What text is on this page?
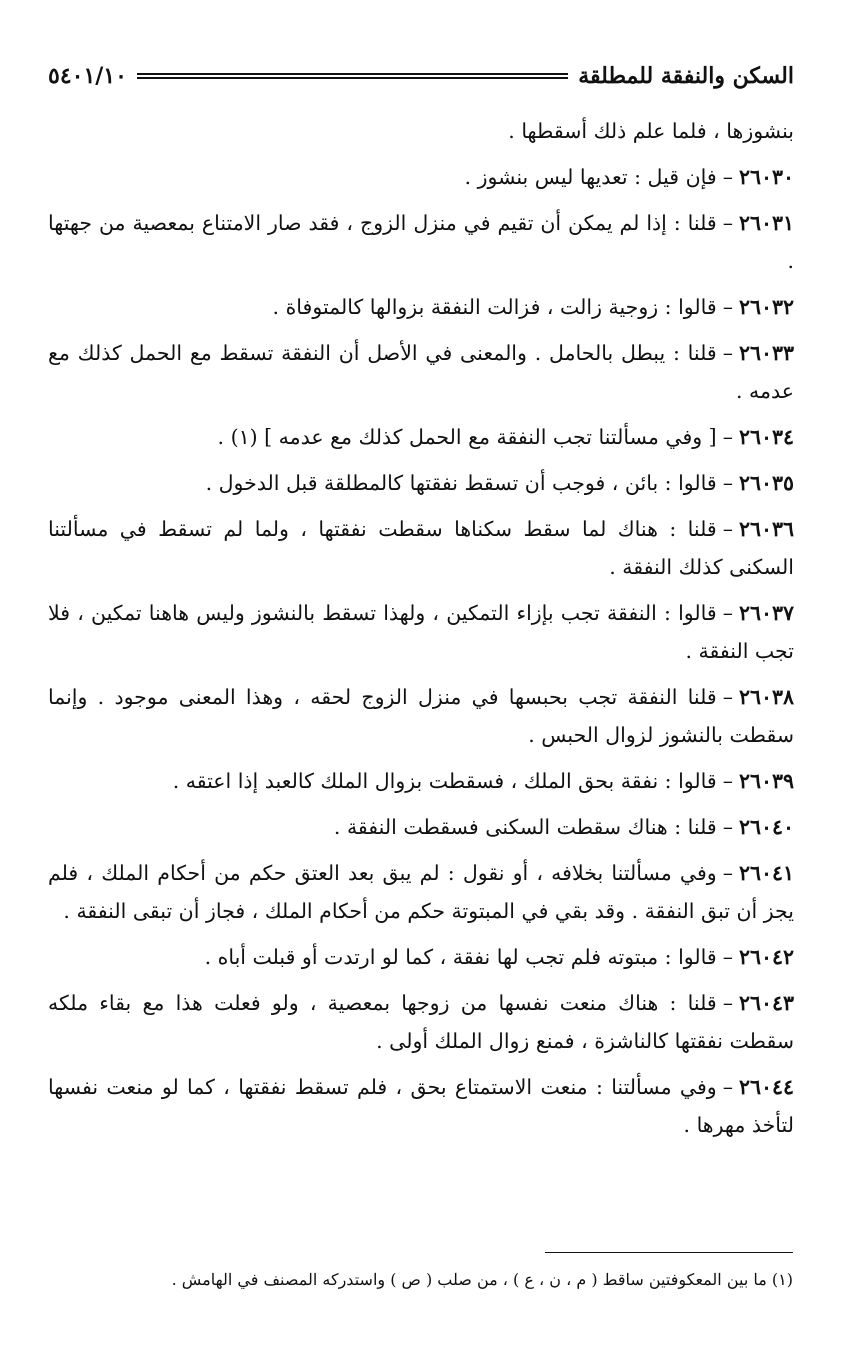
السكن والنفقة للمطلقة
٥٤٠١/١٠

بنشوزها ، فلما علم ذلك أسقطها .

٢٦٠٣٠–فإن قيل : تعديها ليس بنشوز .

٢٦٠٣١–قلنا : إذا لم يمكن أن تقيم في منزل الزوج ، فقد صار الامتناع بمعصية من جهتها .

٢٦٠٣٢–قالوا : زوجية زالت ، فزالت النفقة بزوالها كالمتوفاة .

٢٦٠٣٣–قلنا : يبطل بالحامل . والمعنى في الأصل أن النفقة تسقط مع الحمل كذلك مع عدمه .

٢٦٠٣٤–[ وفي مسألتنا تجب النفقة مع الحمل كذلك مع عدمه ] (١) .

٢٦٠٣٥–قالوا : بائن ، فوجب أن تسقط نفقتها كالمطلقة قبل الدخول .

٢٦٠٣٦–قلنا : هناك لما سقط سكناها سقطت نفقتها ، ولما لم تسقط في مسألتنا السكنى كذلك النفقة .

٢٦٠٣٧–قالوا : النفقة تجب بإزاء التمكين ، ولهذا تسقط بالنشوز وليس هاهنا تمكين ، فلا تجب النفقة .

٢٦٠٣٨–قلنا النفقة تجب بحبسها في منزل الزوج لحقه ، وهذا المعنى موجود . وإنما سقطت بالنشوز لزوال الحبس .

٢٦٠٣٩–قالوا : نفقة بحق الملك ، فسقطت بزوال الملك كالعبد إذا اعتقه .

٢٦٠٤٠–قلنا : هناك سقطت السكنى فسقطت النفقة .

٢٦٠٤١–وفي مسألتنا بخلافه ، أو نقول : لم يبق بعد العتق حكم من أحكام الملك ، فلم يجز أن تبق النفقة . وقد بقي في المبتوتة حكم من أحكام الملك ، فجاز أن تبقى النفقة .

٢٦٠٤٢–قالوا : مبتوته فلم تجب لها نفقة ، كما لو ارتدت أو قبلت أباه .

٢٦٠٤٣–قلنا : هناك منعت نفسها من زوجها بمعصية ، ولو فعلت هذا مع بقاء ملكه سقطت نفقتها كالناشزة ، فمنع زوال الملك أولى .

٢٦٠٤٤–وفي مسألتنا : منعت الاستمتاع بحق ، فلم تسقط نفقتها ، كما لو منعت نفسها لتأخذ مهرها .

(١) ما بين المعكوفتين ساقط ( م ، ن ، ع ) ، من صلب ( ص ) واستدركه المصنف في الهامش .
